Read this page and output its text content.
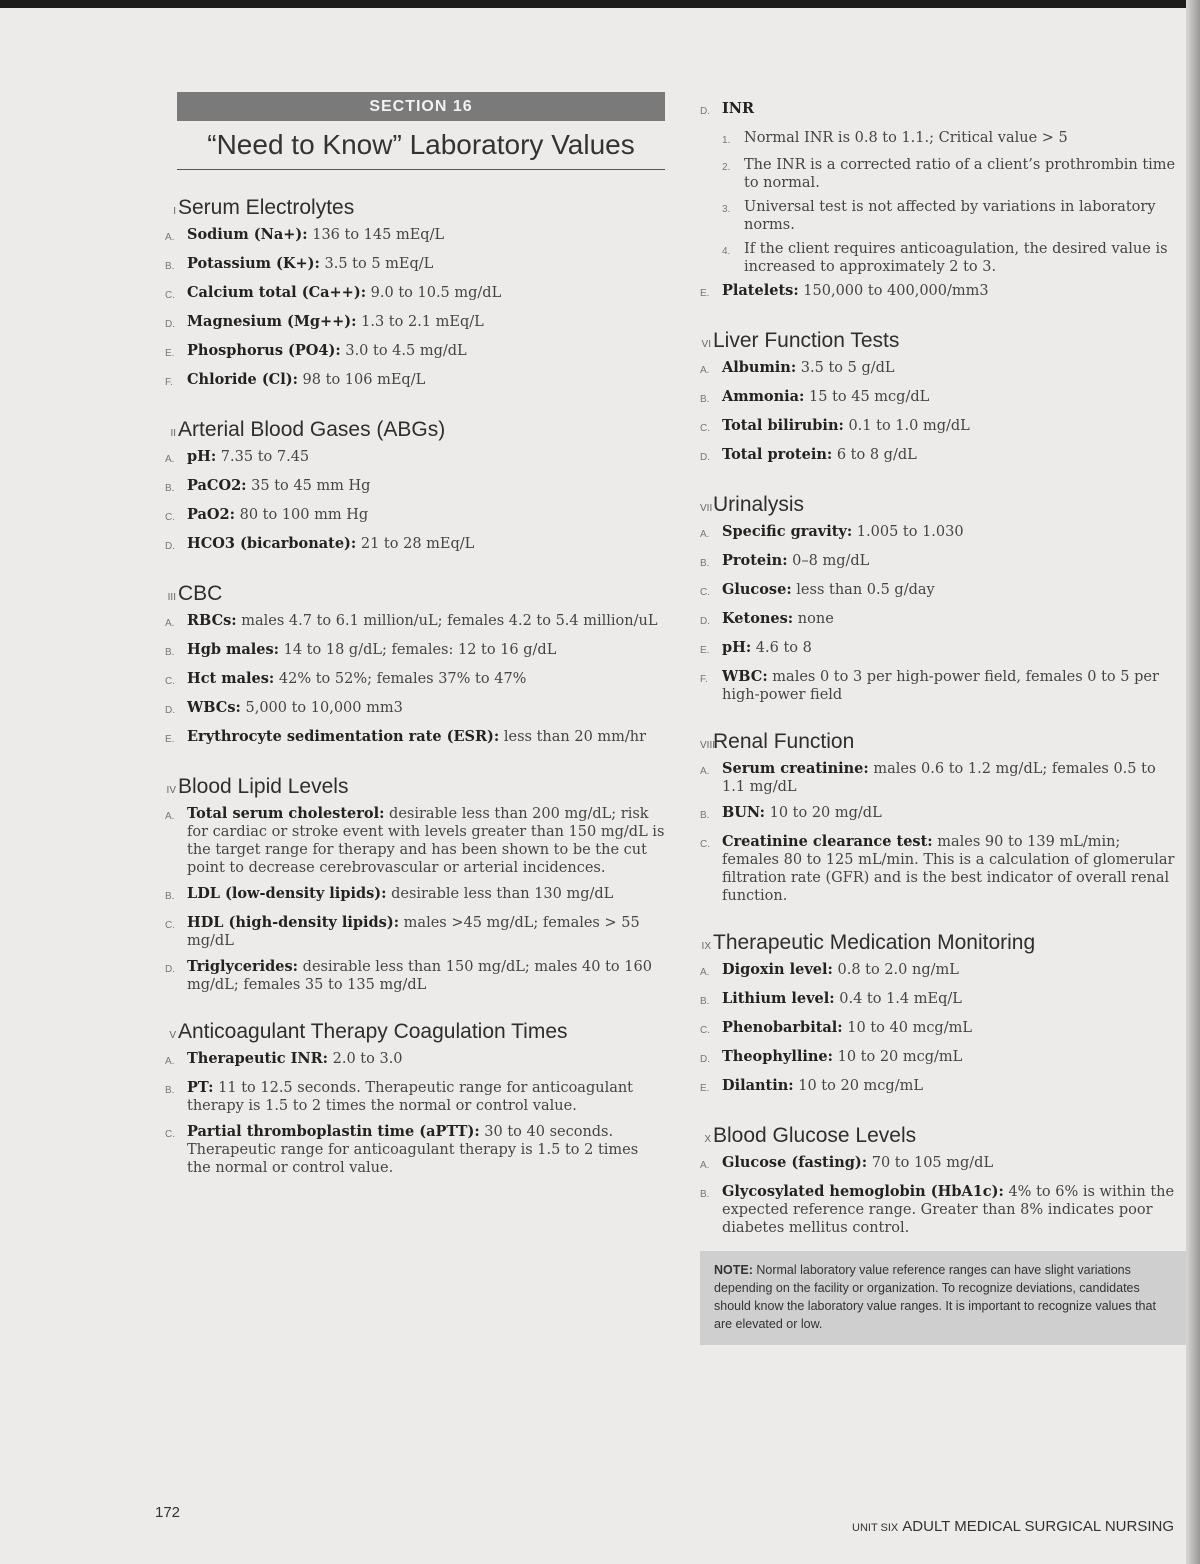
SECTION 16
“Need to Know” Laboratory Values
I Serum Electrolytes
A. Sodium (Na+): 136 to 145 mEq/L
B. Potassium (K+): 3.5 to 5 mEq/L
C. Calcium total (Ca++): 9.0 to 10.5 mg/dL
D. Magnesium (Mg++): 1.3 to 2.1 mEq/L
E. Phosphorus (PO4): 3.0 to 4.5 mg/dL
F. Chloride (Cl): 98 to 106 mEq/L
II Arterial Blood Gases (ABGs)
A. pH: 7.35 to 7.45
B. PaCO2: 35 to 45 mm Hg
C. PaO2: 80 to 100 mm Hg
D. HCO3 (bicarbonate): 21 to 28 mEq/L
III CBC
A. RBCs: males 4.7 to 6.1 million/uL; females 4.2 to 5.4 million/uL
B. Hgb males: 14 to 18 g/dL; females: 12 to 16 g/dL
C. Hct males: 42% to 52%; females 37% to 47%
D. WBCs: 5,000 to 10,000 mm3
E. Erythrocyte sedimentation rate (ESR): less than 20 mm/hr
IV Blood Lipid Levels
A. Total serum cholesterol: desirable less than 200 mg/dL; risk for cardiac or stroke event with levels greater than 150 mg/dL is the target range for therapy and has been shown to be the cut point to decrease cerebrovascular or arterial incidences.
B. LDL (low-density lipids): desirable less than 130 mg/dL
C. HDL (high-density lipids): males >45 mg/dL; females > 55 mg/dL
D. Triglycerides: desirable less than 150 mg/dL; males 40 to 160 mg/dL; females 35 to 135 mg/dL
V Anticoagulant Therapy Coagulation Times
A. Therapeutic INR: 2.0 to 3.0
B. PT: 11 to 12.5 seconds. Therapeutic range for anticoagulant therapy is 1.5 to 2 times the normal or control value.
C. Partial thromboplastin time (aPTT): 30 to 40 seconds. Therapeutic range for anticoagulant therapy is 1.5 to 2 times the normal or control value.
D. INR
1. Normal INR is 0.8 to 1.1.; Critical value > 5
2. The INR is a corrected ratio of a client’s prothrombin time to normal.
3. Universal test is not affected by variations in laboratory norms.
4. If the client requires anticoagulation, the desired value is increased to approximately 2 to 3.
E. Platelets: 150,000 to 400,000/mm3
VI Liver Function Tests
A. Albumin: 3.5 to 5 g/dL
B. Ammonia: 15 to 45 mcg/dL
C. Total bilirubin: 0.1 to 1.0 mg/dL
D. Total protein: 6 to 8 g/dL
VII Urinalysis
A. Specific gravity: 1.005 to 1.030
B. Protein: 0–8 mg/dL
C. Glucose: less than 0.5 g/day
D. Ketones: none
E. pH: 4.6 to 8
F. WBC: males 0 to 3 per high-power field, females 0 to 5 per high-power field
VIII
Renal Function
A. Serum creatinine: males 0.6 to 1.2 mg/dL; females 0.5 to 1.1 mg/dL
B. BUN: 10 to 20 mg/dL
C. Creatinine clearance test: males 90 to 139 mL/min; females 80 to 125 mL/min. This is a calculation of glomerular filtration rate (GFR) and is the best indicator of overall renal function.
IX Therapeutic Medication Monitoring
A. Digoxin level: 0.8 to 2.0 ng/mL
B. Lithium level: 0.4 to 1.4 mEq/L
C. Phenobarbital: 10 to 40 mcg/mL
D. Theophylline: 10 to 20 mcg/mL
E. Dilantin: 10 to 20 mcg/mL
X Blood Glucose Levels
A. Glucose (fasting): 70 to 105 mg/dL
B. Glycosylated hemoglobin (HbA1c): 4% to 6% is within the expected reference range. Greater than 8% indicates poor diabetes mellitus control.
NOTE: Normal laboratory value reference ranges can have slight variations depending on the facility or organization. To recognize deviations, candidates should know the laboratory value ranges. It is important to recognize values that are elevated or low.
172
UNIT SIX ADULT MEDICAL SURGICAL NURSING
